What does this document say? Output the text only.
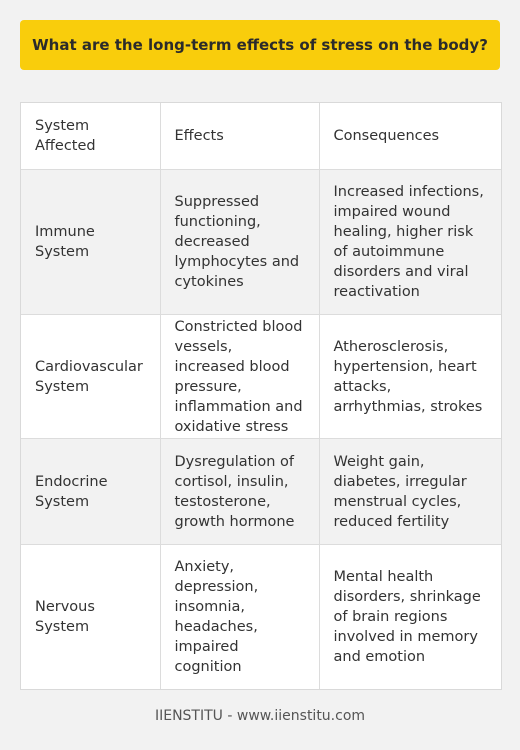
What are the long-term effects of stress on the body?
System Affected	Effects	Consequences
Immune System	Suppressed functioning, decreased lymphocytes and cytokines	Increased infections, impaired wound healing, higher risk of autoimmune disorders and viral reactivation
Cardiovascular System	Constricted blood vessels, increased blood pressure, inflammation and oxidative stress	Atherosclerosis, hypertension, heart attacks, arrhythmias, strokes
Endocrine System	Dysregulation of cortisol, insulin, testosterone, growth hormone	Weight gain, diabetes, irregular menstrual cycles, reduced fertility
Nervous System	Anxiety, depression, insomnia, headaches, impaired cognition	Mental health disorders, shrinkage of brain regions involved in memory and emotion
IIENSTITU - www.iienstitu.com
